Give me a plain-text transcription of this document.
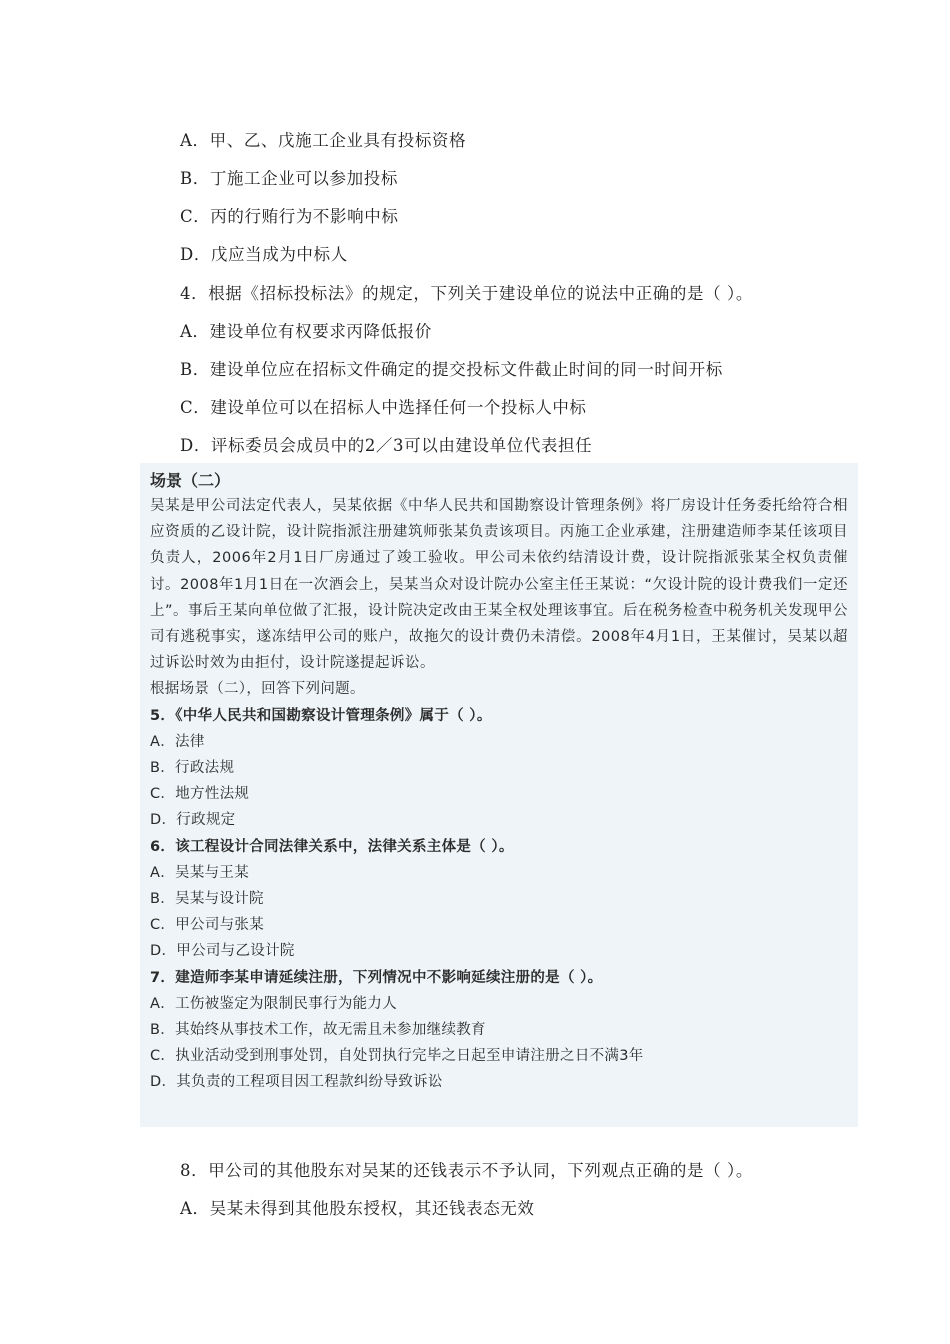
A．甲、乙、戊施工企业具有投标资格
B．丁施工企业可以参加投标
C．丙的行贿行为不影响中标
D．戊应当成为中标人
4．根据《招标投标法》的规定，下列关于建设单位的说法中正确的是（ ）。
A．建设单位有权要求丙降低报价
B．建设单位应在招标文件确定的提交投标文件截止时间的同一时间开标
C．建设单位可以在招标人中选择任何一个投标人中标
D．评标委员会成员中的2／3可以由建设单位代表担任
场景（二）
吴某是甲公司法定代表人，吴某依据《中华人民共和国勘察设计管理条例》将厂房设计任务委托给符合相应资质的乙设计院，设计院指派注册建筑师张某负责该项目。丙施工企业承建，注册建造师李某任该项目负责人，2006年2月1日厂房通过了竣工验收。甲公司未依约结清设计费，设计院指派张某全权负责催讨。2008年1月1日在一次酒会上，吴某当众对设计院办公室主任王某说：“欠设计院的设计费我们一定还上”。事后王某向单位做了汇报，设计院决定改由王某全权处理该事宜。后在税务检查中税务机关发现甲公司有逃税事实，遂冻结甲公司的账户，故拖欠的设计费仍未清偿。2008年4月1日，王某催讨，吴某以超过诉讼时效为由拒付，设计院遂提起诉讼。
根据场景（二），回答下列问题。
5．《中华人民共和国勘察设计管理条例》属于（ ）。
A．法律
B．行政法规
C．地方性法规
D．行政规定
6．该工程设计合同法律关系中，法律关系主体是（ ）。
A．吴某与王某
B．吴某与设计院
C．甲公司与张某
D．甲公司与乙设计院
7．建造师李某申请延续注册，下列情况中不影响延续注册的是（ ）。
A．工伤被鉴定为限制民事行为能力人
B．其始终从事技术工作，故无需且未参加继续教育
C．执业活动受到刑事处罚，自处罚执行完毕之日起至申请注册之日不满3年
D．其负责的工程项目因工程款纠纷导致诉讼
8．甲公司的其他股东对吴某的还钱表示不予认同，下列观点正确的是（ ）。
A．吴某未得到其他股东授权，其还钱表态无效
